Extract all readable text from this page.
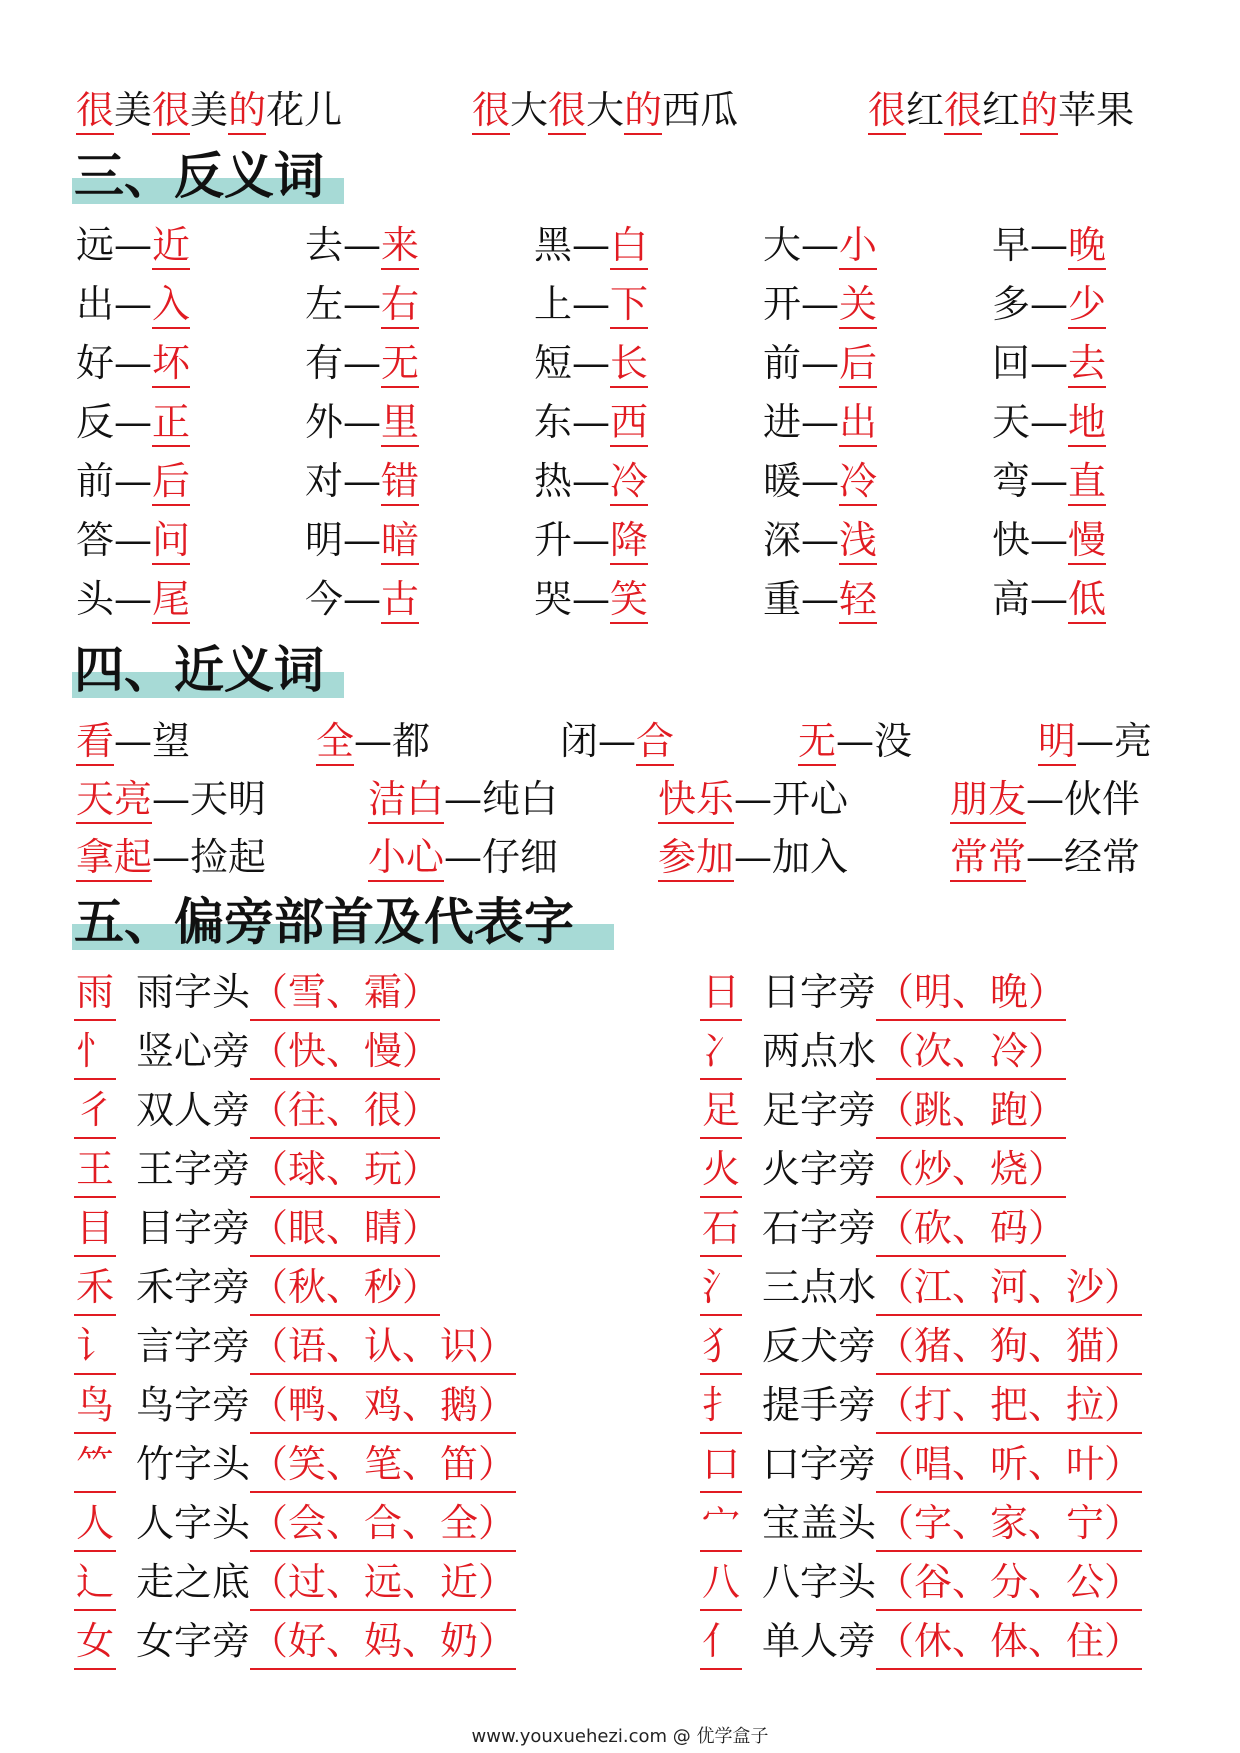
很美很美的花儿	很大很大的西瓜	很红很红的苹果
三、反义词
远—近	去—来	黑—白	大—小	早—晚
出—入	左—右	上—下	开—关	多—少
好—坏	有—无	短—长	前—后	回—去
反—正	外—里	东—西	进—出	天—地
前—后	对—错	热—冷	暖—冷	弯—直
答—问	明—暗	升—降	深—浅	快—慢
头—尾	今—古	哭—笑	重—轻	高—低
四、近义词
看—望	全—都	闭—合	无—没	明—亮
天亮—天明	洁白—纯白	快乐—开心	朋友—伙伴
拿起—捡起	小心—仔细	参加—加入	常常—经常
五、偏旁部首及代表字
雨 雨字头（雪、霜）
忄 竖心旁（快、慢）
彳 双人旁（往、很）
王 王字旁（球、玩）
目 目字旁（眼、睛）
禾 禾字旁（秋、秒）
讠 言字旁（语、认、识）
鸟 鸟字旁（鸭、鸡、鹅）
⺮ 竹字头（笑、笔、笛）
人 人字头（会、合、全）
辶 走之底（过、远、近）
女 女字旁（好、妈、奶）
日 日字旁（明、晚）
冫 两点水（次、冷）
足 足字旁（跳、跑）
火 火字旁（炒、烧）
石 石字旁（砍、码）
氵 三点水（江、河、沙）
犭 反犬旁（猪、狗、猫）
扌 提手旁（打、把、拉）
口 口字旁（唱、听、叶）
宀 宝盖头（字、家、宁）
八 八字头（谷、分、公）
亻 单人旁（休、体、住）
www.youxuehezi.com @ 优学盒子
